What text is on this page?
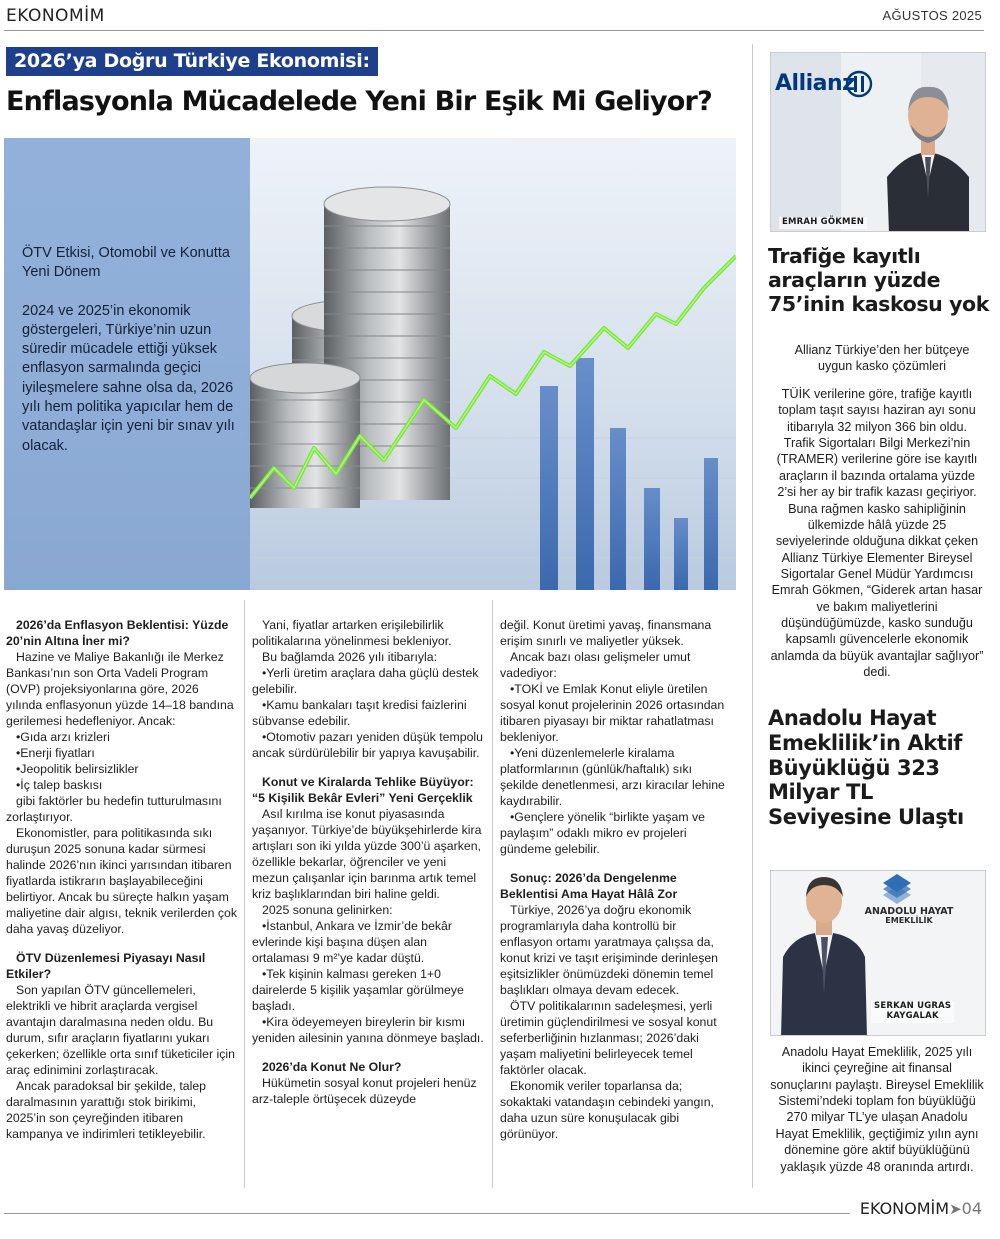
EKONOMİM	AĞUSTOS 2025
2026’ya Doğru Türkiye Ekonomisi:
Enflasyonla Mücadelede Yeni Bir Eşik Mi Geliyor?

ÖTV Etkisi, Otomobil ve Konutta Yeni Dönem

2024 ve 2025’in ekonomik göstergeleri, Türkiye’nin uzun süredir mücadele ettiği yüksek enflasyon sarmalında geçici iyileşmelere sahne olsa da, 2026 yılı hem politika yapıcılar hem de vatandaşlar için yeni bir sınav yılı olacak.

2026’da Enflasyon Beklentisi: Yüzde 20’nin Altına İner mi?

Hazine ve Maliye Bakanlığı ile Merkez Bankası’nın son Orta Vadeli Program (OVP) projeksiyonlarına göre, 2026 yılında enflasyonun yüzde 14–18 bandına gerilemesi hedefleniyor. Ancak:

•Gıda arzı krizleri

•Enerji fiyatları

•Jeopolitik belirsizlikler

•İç talep baskısı

gibi faktörler bu hedefin tutturulmasını zorlaştırıyor.

Ekonomistler, para politikasında sıkı duruşun 2025 sonuna kadar sürmesi halinde 2026’nın ikinci yarısından itibaren fiyatlarda istikrarın başlayabileceğini belirtiyor. Ancak bu süreçte halkın yaşam maliyetine dair algısı, teknik verilerden çok daha yavaş düzeliyor.

ÖTV Düzenlemesi Piyasayı Nasıl Etkiler?

Son yapılan ÖTV güncellemeleri, elektrikli ve hibrit araçlarda vergisel avantajın daralmasına neden oldu. Bu durum, sıfır araçların fiyatlarını yukarı çekerken; özellikle orta sınıf tüketiciler için araç edinimini zorlaştıracak.

Ancak paradoksal bir şekilde, talep daralmasının yarattığı stok birikimi, 2025’in son çeyreğinden itibaren kampanya ve indirimleri tetikleyebilir.

Yani, fiyatlar artarken erişilebilirlik politikalarına yönelinmesi bekleniyor.

Bu bağlamda 2026 yılı itibarıyla:

•Yerli üretim araçlara daha güçlü destek gelebilir.

•Kamu bankaları taşıt kredisi faizlerini sübvanse edebilir.

•Otomotiv pazarı yeniden düşük tempolu ancak sürdürülebilir bir yapıya kavuşabilir.

Konut ve Kiralarda Tehlike Büyüyor: “5 Kişilik Bekâr Evleri” Yeni Gerçeklik

Asıl kırılma ise konut piyasasında yaşanıyor. Türkiye’de büyükşehirlerde kira artışları son iki yılda yüzde 300’ü aşarken, özellikle bekarlar, öğrenciler ve yeni mezun çalışanlar için barınma artık temel kriz başlıklarından biri haline geldi.

2025 sonuna gelinirken:

•İstanbul, Ankara ve İzmir’de bekâr evlerinde kişi başına düşen alan ortalaması 9 m²’ye kadar düştü.

•Tek kişinin kalması gereken 1+0 dairelerde 5 kişilik yaşamlar görülmeye başladı.

•Kira ödeyemeyen bireylerin bir kısmı yeniden ailesinin yanına dönmeye başladı.

2026’da Konut Ne Olur?

Hükümetin sosyal konut projeleri henüz arz-taleple örtüşecek düzeyde

değil. Konut üretimi yavaş, finansmana erişim sınırlı ve maliyetler yüksek.

Ancak bazı olası gelişmeler umut vadediyor:

•TOKİ ve Emlak Konut eliyle üretilen sosyal konut projelerinin 2026 ortasından itibaren piyasayı bir miktar rahatlatması bekleniyor.

•Yeni düzenlemelerle kiralama platformlarının (günlük/haftalık) sıkı şekilde denetlenmesi, arzı kiracılar lehine kaydırabilir.

•Gençlere yönelik “birlikte yaşam ve paylaşım” odaklı mikro ev projeleri gündeme gelebilir.

Sonuç: 2026’da Dengelenme Beklentisi Ama Hayat Hâlâ Zor

Türkiye, 2026’ya doğru ekonomik programlarıyla daha kontrollü bir enflasyon ortamı yaratmaya çalışsa da, konut krizi ve taşıt erişiminde derinleşen eşitsizlikler önümüzdeki dönemin temel başlıkları olmaya devam edecek.

ÖTV politikalarının sadeleşmesi, yerli üretimin güçlendirilmesi ve sosyal konut seferberliğinin hızlanması; 2026’daki yaşam maliyetini belirleyecek temel faktörler olacak.

Ekonomik veriler toparlansa da; sokaktaki vatandaşın cebindeki yangın, daha uzun süre konuşulacak gibi görünüyor.

Allianz
EMRAH GÖKMEN
Trafiğe kayıtlı araçların yüzde 75’inin kaskosu yok
Allianz Türkiye’den her bütçeye uygun kasko çözümleri
TÜİK verilerine göre, trafiğe kayıtlı toplam taşıt sayısı haziran ayı sonu itibarıyla 32 milyon 366 bin oldu. Trafik Sigortaları Bilgi Merkezi’nin (TRAMER) verilerine göre ise kayıtlı araçların il bazında ortalama yüzde 2’si her ay bir trafik kazası geçiriyor. Buna rağmen kasko sahipliğinin ülkemizde hâlâ yüzde 25 seviyelerinde olduğuna dikkat çeken Allianz Türkiye Elementer Bireysel Sigortalar Genel Müdür Yardımcısı Emrah Gökmen, “Giderek artan hasar ve bakım maliyetlerini düşündüğümüzde, kasko sunduğu kapsamlı güvencelerle ekonomik anlamda da büyük avantajlar sağlıyor” dedi.
Anadolu Hayat Emeklilik’in Aktif Büyüklüğü 323 Milyar TL Seviyesine Ulaştı
ANADOLU HAYAT
EMEKLİLİK
SERKAN UGRAS
KAYGALAK
Anadolu Hayat Emeklilik, 2025 yılı ikinci çeyreğine ait finansal sonuçlarını paylaştı. Bireysel Emeklilik Sistemi’ndeki toplam fon büyüklüğü 270 milyar TL’ye ulaşan Anadolu Hayat Emeklilik, geçtiğimiz yılın aynı dönemine göre aktif büyüklüğünü yaklaşık yüzde 48 oranında artırdı.
EKONOMİM➤04
